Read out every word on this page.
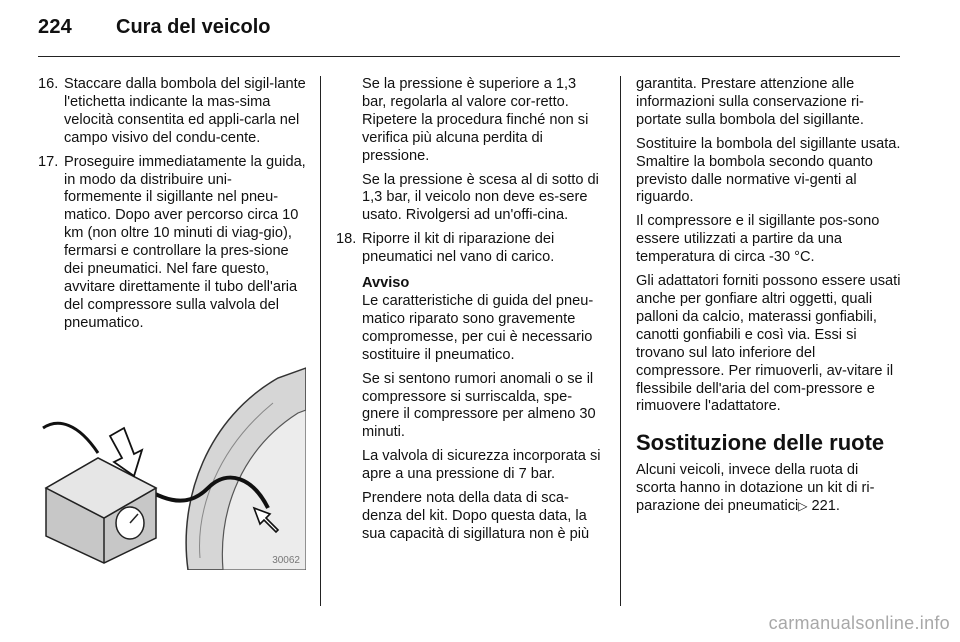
224 Cura del veicolo
16. Staccare dalla bombola del sigil-lante l'etichetta indicante la mas-sima velocità consentita ed appli-carla nel campo visivo del condu-cente.
17. Proseguire immediatamente la guida, in modo da distribuire uni-formemente il sigillante nel pneu-matico. Dopo aver percorso circa 10 km (non oltre 10 minuti di viag-gio), fermarsi e controllare la pres-sione dei pneumatici. Nel fare questo, avvitare direttamente il tubo dell'aria del compressore sulla valvola del pneumatico.
30062

Se la pressione è superiore a 1,3 bar, regolarla al valore cor-retto. Ripetere la procedura finché non si verifica più alcuna perdita di pressione.

Se la pressione è scesa al di sotto di 1,3 bar, il veicolo non deve es-sere usato. Rivolgersi ad un'offi-cina.

18. Riporre il kit di riparazione dei pneumatici nel vano di carico.
Avviso

Le caratteristiche di guida del pneu-matico riparato sono gravemente compromesse, per cui è necessario sostituire il pneumatico.

Se si sentono rumori anomali o se il compressore si surriscalda, spe-gnere il compressore per almeno 30 minuti.

La valvola di sicurezza incorporata si apre a una pressione di 7 bar.

Prendere nota della data di sca-denza del kit. Dopo questa data, la sua capacità di sigillatura non è più

garantita. Prestare attenzione alle informazioni sulla conservazione ri-portate sulla bombola del sigillante.

Sostituire la bombola del sigillante usata. Smaltire la bombola secondo quanto previsto dalle normative vi-genti al riguardo.

Il compressore e il sigillante pos-sono essere utilizzati a partire da una temperatura di circa -30 °C.

Gli adattatori forniti possono essere usati anche per gonfiare altri oggetti, quali palloni da calcio, materassi gonfiabili, canotti gonfiabili e così via. Essi si trovano sul lato inferiore del compressore. Per rimuoverli, av-vitare il flessibile dell'aria del com-pressore e rimuovere l'adattatore.

Sostituzione delle ruote

Alcuni veicoli, invece della ruota di scorta hanno in dotazione un kit di ri-parazione dei pneumatici▷ 221.

carmanualsonline.info
